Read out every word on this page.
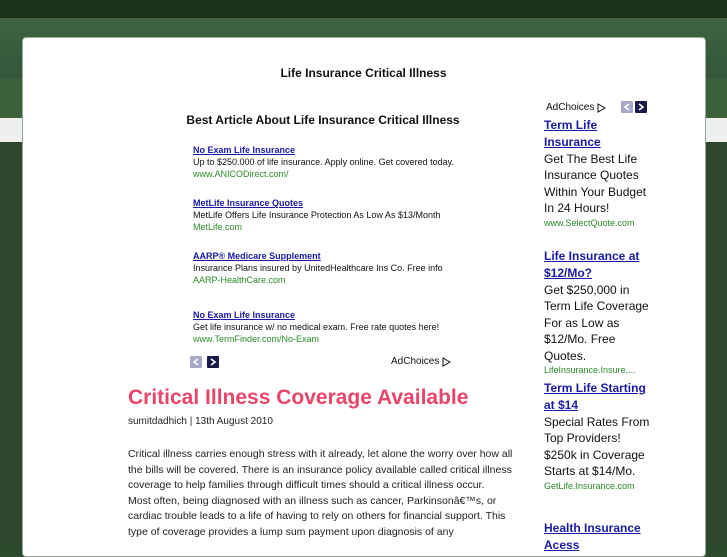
Life Insurance Critical Illness
Best Article About Life Insurance Critical Illness
No Exam Life Insurance
Up to $250.000 of life insurance. Apply online. Get covered today.
www.ANICODirect.com/
MetLife Insurance Quotes
MetLife Offers Life Insurance Protection As Low As $13/Month
MetLife.com
AARP® Medicare Supplement
Insurance Plans insured by UnitedHealthcare Ins Co. Free info
AARP-HealthCare.com
No Exam Life Insurance
Get life insurance w/ no medical exam. Free rate quotes here!
www.TermFinder.com/No-Exam
AdChoices
Critical Illness Coverage Available
sumitdadhich | 13th August 2010

Critical illness carries enough stress with it already, let alone the worry over how all the bills will be covered. There is an insurance policy available called critical illness coverage to help families through difficult times should a critical illness occur.

Most often, being diagnosed with an illness such as cancer, Parkinsonâ€™s, or cardiac trouble leads to a life of having to rely on others for financial support. This type of coverage provides a lump sum payment upon diagnosis of any

AdChoices
Term Life Insurance
Get The Best Life Insurance Quotes Within Your Budget In 24 Hours!
www.SelectQuote.com
Life Insurance at $12/Mo?
Get $250,000 in Term Life Coverage For as Low as $12/Mo. Free Quotes.
LifeInsurance.Insure....
Term Life Starting at $14
Special Rates From Top Providers! $250k in Coverage Starts at $14/Mo.
GetLife.Insurance.com
Health Insurance Acess
